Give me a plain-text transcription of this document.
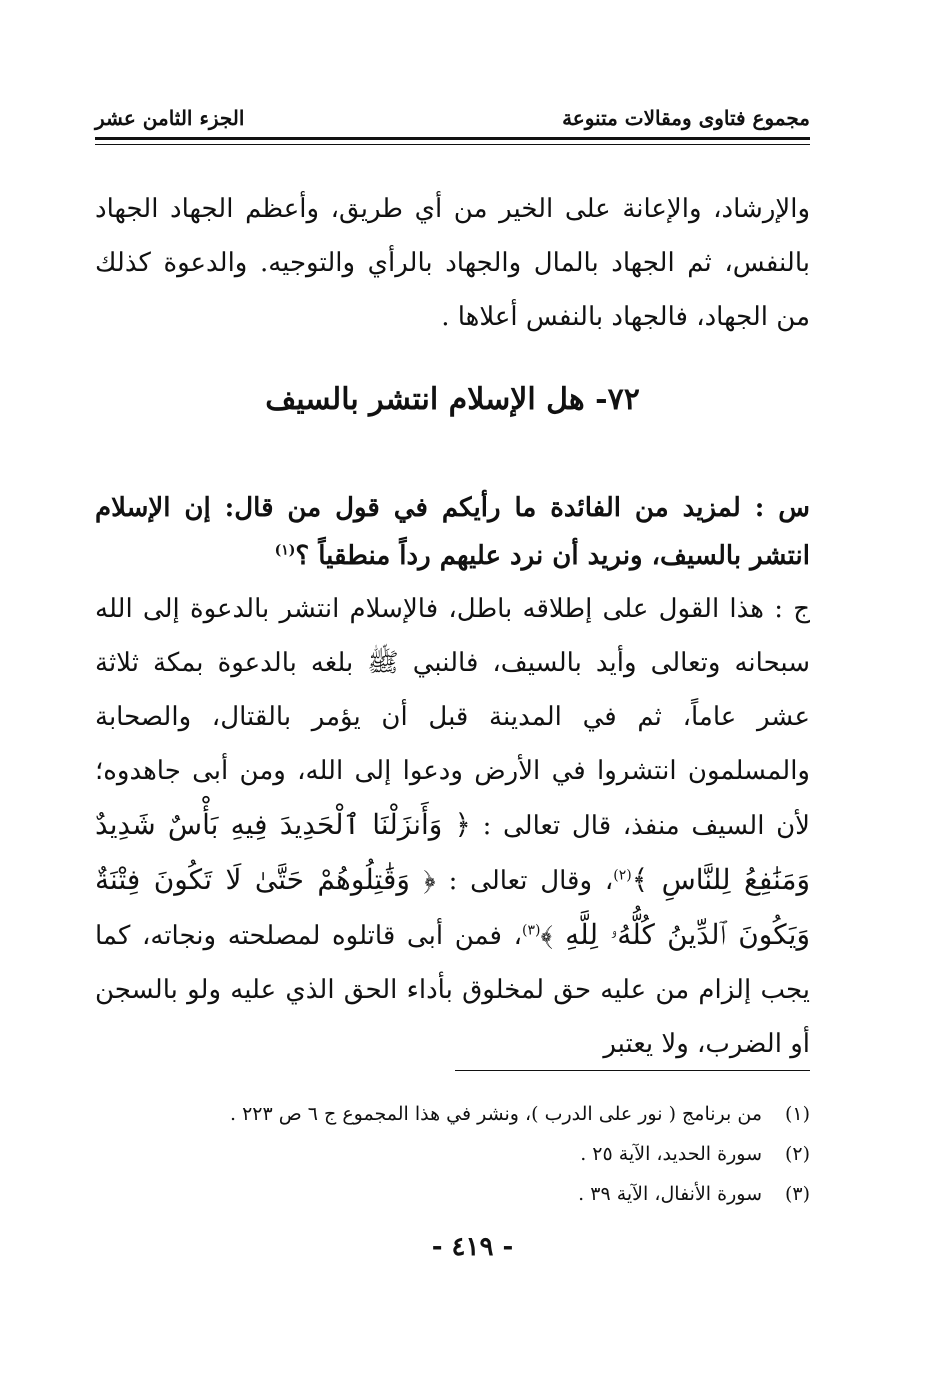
مجموع فتاوى ومقالات متنوعة
الجزء الثامن عشر

والإرشاد، والإعانة على الخير من أي طريق، وأعظم الجهاد الجهاد بالنفس، ثم الجهاد بالمال والجهاد بالرأي والتوجيه. والدعوة كذلك من الجهاد، فالجهاد بالنفس أعلاها .

٧٢- هل الإسلام انتشر بالسيف

س : لمزيد من الفائدة ما رأيكم في قول من قال: إن الإسلام انتشر بالسيف، ونريد أن نرد عليهم رداً منطقياً ؟$^{(١)}$

ج : هذا القول على إطلاقه باطل، فالإسلام انتشر بالدعوة إلى الله سبحانه وتعالى وأيد بالسيف، فالنبي ﷺ بلغه بالدعوة بمكة ثلاثة عشر عاماً، ثم في المدينة قبل أن يؤمر بالقتال، والصحابة والمسلمون انتشروا في الأرض ودعوا إلى الله، ومن أبى جاهدوه؛ لأن السيف منفذ، قال تعالى : ﴿ وَأَنزَلْنَا ٱلْحَدِيدَ فِيهِ بَأْسٌ شَدِيدٌ وَمَنَٰفِعُ لِلنَّاسِ ﴾$^{(٢)}$، وقال تعالى : ﴿ وَقَٰتِلُوهُمْ حَتَّىٰ لَا تَكُونَ فِتْنَةٌ وَيَكُونَ ٱلدِّينُ كُلُّهُۥ لِلَّهِ ﴾$^{(٣)}$، فمن أبى قاتلوه لمصلحته ونجاته، كما يجب إلزام من عليه حق لمخلوق بأداء الحق الذي عليه ولو بالسجن أو الضرب، ولا يعتبر

(١)
من برنامج ( نور على الدرب )، ونشر في هذا المجموع ج ٦ ص ٢٢٣ .
(٢)
سورة الحديد، الآية ٢٥ .
(٣)
سورة الأنفال، الآية ٣٩ .
- ٤١٩ -
